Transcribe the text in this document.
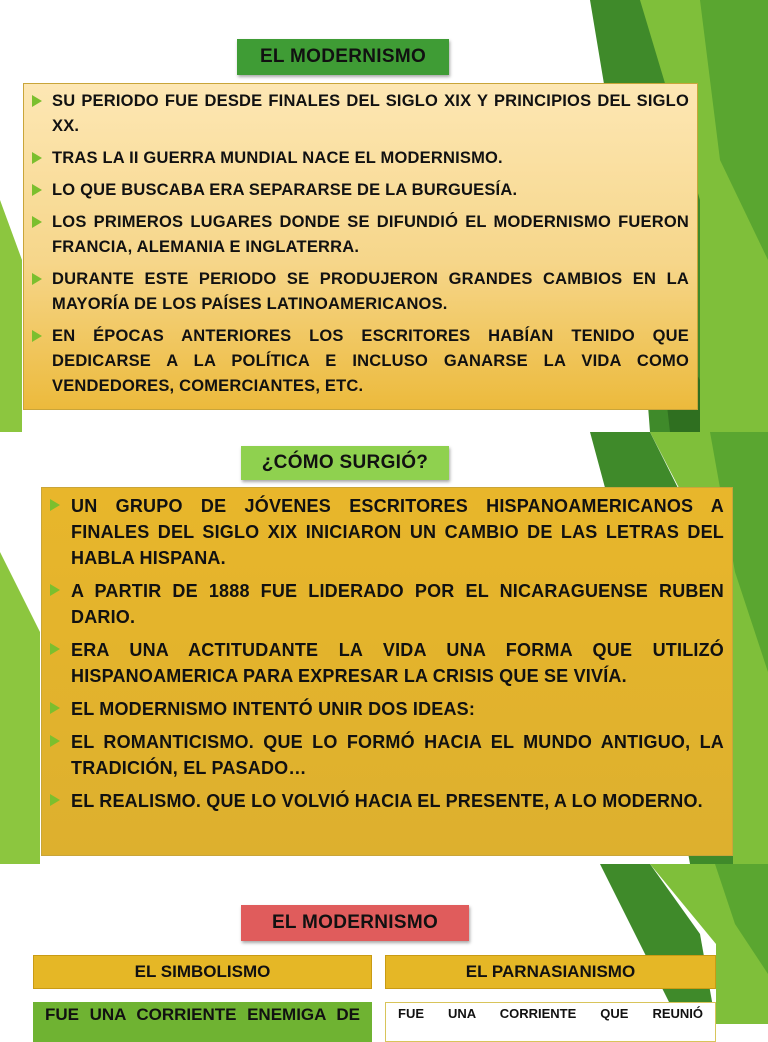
EL MODERNISMO
SU PERIODO FUE DESDE FINALES DEL SIGLO XIX Y PRINCIPIOS DEL SIGLO XX.
TRAS LA II GUERRA MUNDIAL NACE EL MODERNISMO.
LO QUE BUSCABA ERA SEPARARSE DE LA BURGUESÍA.
LOS PRIMEROS LUGARES DONDE SE DIFUNDIÓ EL MODERNISMO FUERON FRANCIA, ALEMANIA E INGLATERRA.
DURANTE ESTE PERIODO SE PRODUJERON GRANDES CAMBIOS EN LA MAYORÍA DE LOS PAÍSES LATINOAMERICANOS.
EN ÉPOCAS ANTERIORES LOS ESCRITORES HABÍAN TENIDO QUE DEDICARSE A LA POLÍTICA E INCLUSO GANARSE LA VIDA COMO VENDEDORES, COMERCIANTES, ETC.
¿CÓMO SURGIÓ?
UN GRUPO DE JÓVENES ESCRITORES HISPANOAMERICANOS A FINALES DEL SIGLO XIX INICIARON UN CAMBIO DE LAS LETRAS DEL HABLA HISPANA.
A PARTIR DE 1888 FUE LIDERADO POR EL NICARAGUENSE RUBEN DARIO.
ERA UNA ACTITUDANTE LA VIDA UNA FORMA QUE UTILIZÓ HISPANOAMERICA PARA EXPRESAR LA CRISIS QUE SE VIVÍA.
EL MODERNISMO INTENTÓ UNIR DOS IDEAS:
EL ROMANTICISMO. QUE LO FORMÓ HACIA EL MUNDO ANTIGUO, LA TRADICIÓN, EL PASADO…
EL REALISMO. QUE LO VOLVIÓ HACIA EL PRESENTE, A LO MODERNO.
EL MODERNISMO
EL SIMBOLISMO	EL PARNASIANISMO
FUE UNA CORRIENTE ENEMIGA DE	FUE UNA CORRIENTE QUE REUNIÓ
